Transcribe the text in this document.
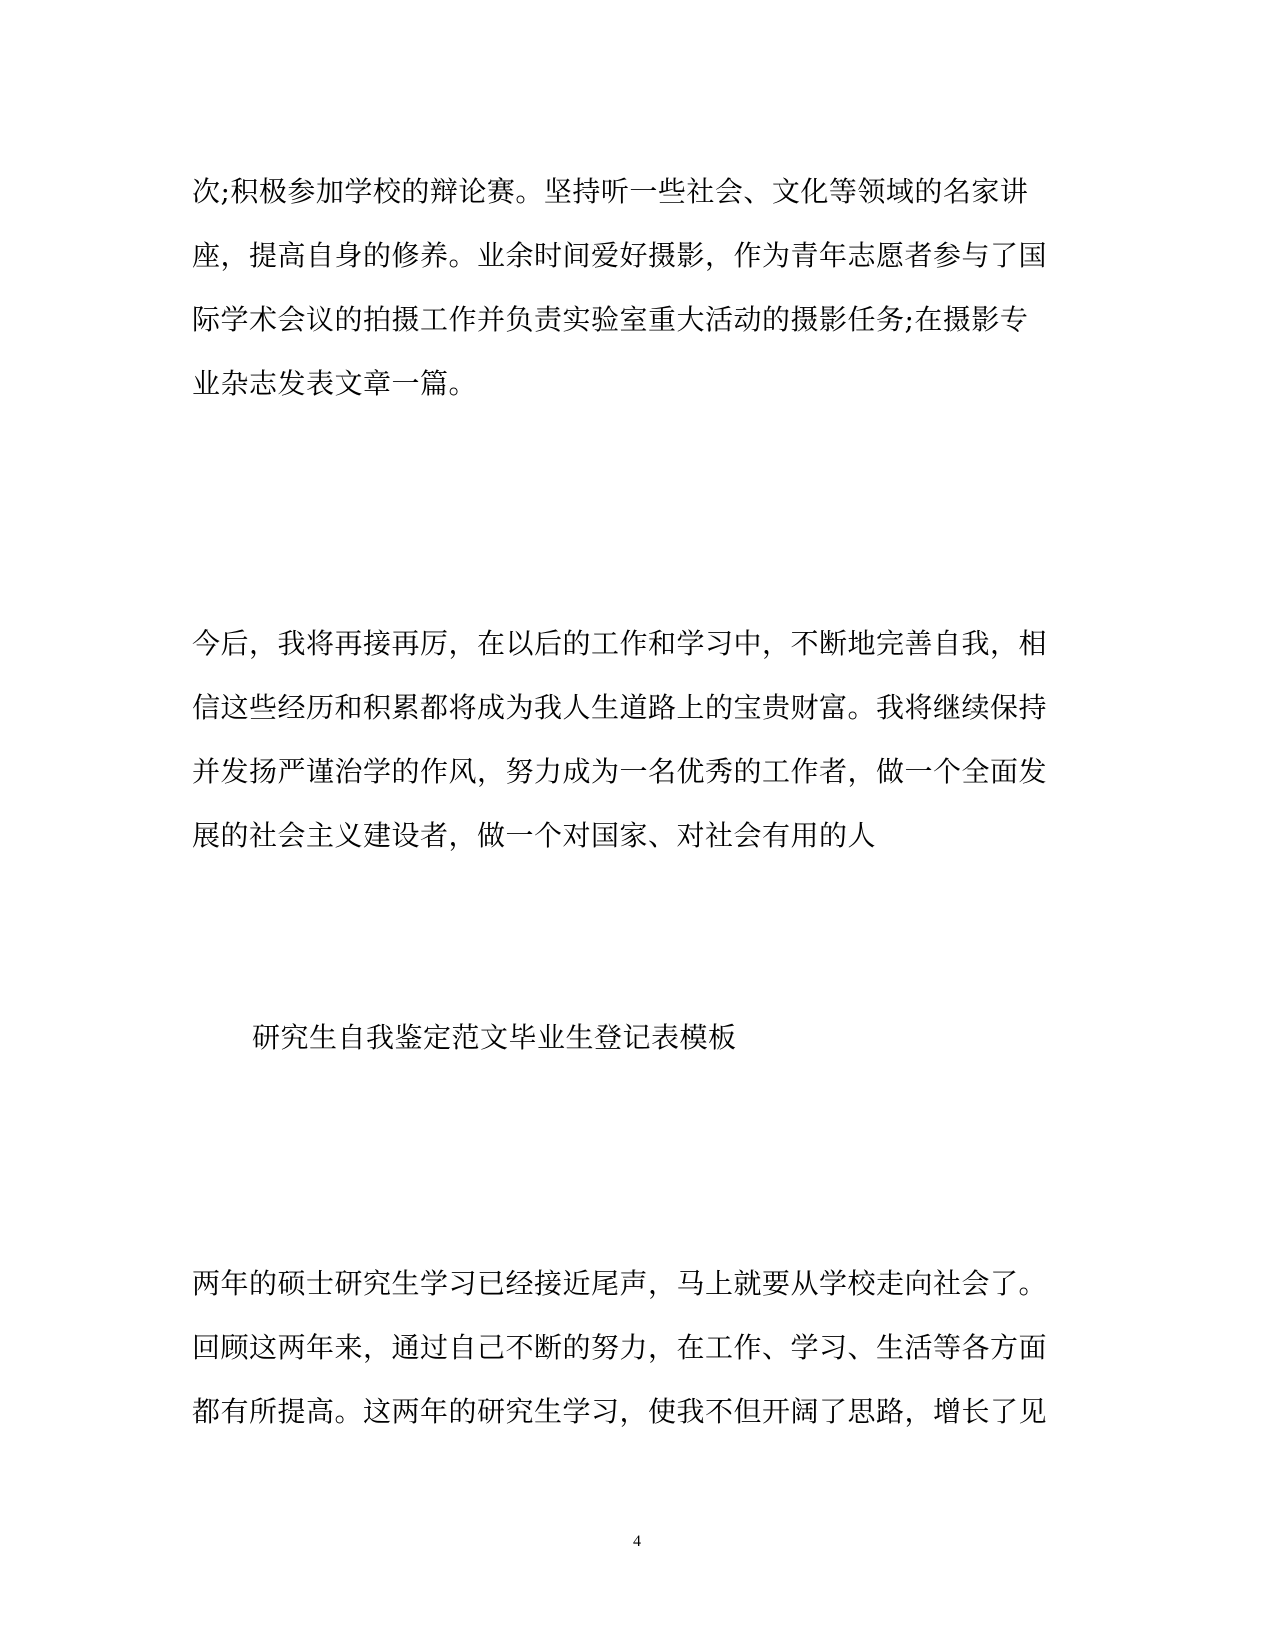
次;积极参加学校的辩论赛。坚持听一些社会、文化等领域的名家讲
座，提高自身的修养。业余时间爱好摄影，作为青年志愿者参与了国
际学术会议的拍摄工作并负责实验室重大活动的摄影任务;在摄影专
业杂志发表文章一篇。

今后，我将再接再厉，在以后的工作和学习中，不断地完善自我，相
信这些经历和积累都将成为我人生道路上的宝贵财富。我将继续保持
并发扬严谨治学的作风，努力成为一名优秀的工作者，做一个全面发
展的社会主义建设者，做一个对国家、对社会有用的人

研究生自我鉴定范文毕业生登记表模板

两年的硕士研究生学习已经接近尾声，马上就要从学校走向社会了。
回顾这两年来，通过自己不断的努力，在工作、学习、生活等各方面
都有所提高。这两年的研究生学习，使我不但开阔了思路，增长了见

4
